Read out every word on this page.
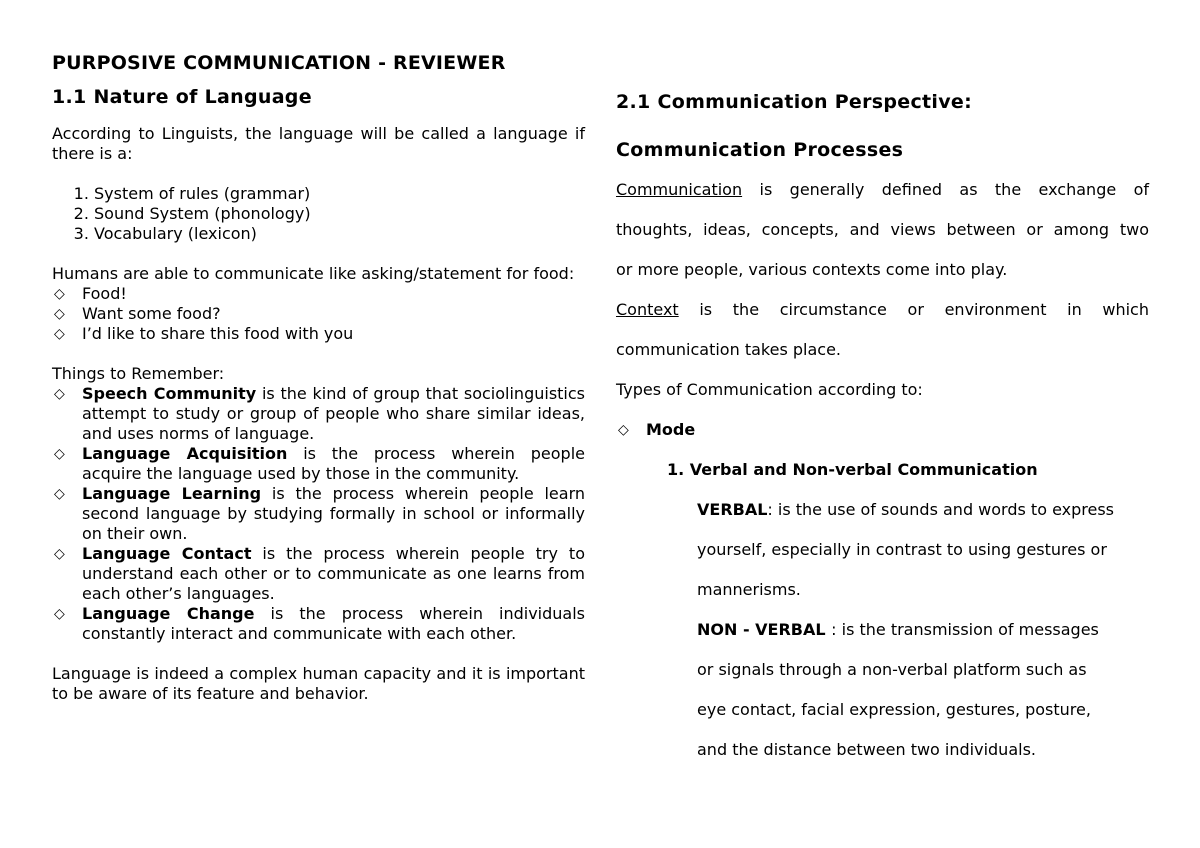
PURPOSIVE COMMUNICATION - REVIEWER
1.1 Nature of Language

According to Linguists, the language will be called a language if there is a:

1. System of rules (grammar)
2. Sound System (phonology)
3. Vocabulary (lexicon)

Humans are able to communicate like asking/statement for food:

◇ Food!
◇ Want some food?
◇ I’d like to share this food with you

Things to Remember:

◇ Speech Community is the kind of group that sociolinguistics attempt to study or group of people who share similar ideas, and uses norms of language.
◇ Language Acquisition is the process wherein people acquire the language used by those in the community.
◇ Language Learning is the process wherein people learn second language by studying formally in school or informally on their own.
◇ Language Contact is the process wherein people try to understand each other or to communicate as one learns from each other’s languages.
◇ Language Change is the process wherein individuals constantly interact and communicate with each other.

Language is indeed a complex human capacity and it is important to be aware of its feature and behavior.

2.1 Communication Perspective:
Communication Processes

Communication is generally defined as the exchange of

thoughts, ideas, concepts, and views between or among two

or more people, various contexts come into play.

Context is the circumstance or environment in which

communication takes place.

Types of Communication according to:

◇ Mode
1. Verbal and Non-verbal Communication
VERBAL: is the use of sounds and words to express
yourself, especially in contrast to using gestures or
mannerisms.
NON - VERBAL : is the transmission of messages
or signals through a non-verbal platform such as
eye contact, facial expression, gestures, posture,
and the distance between two individuals.
